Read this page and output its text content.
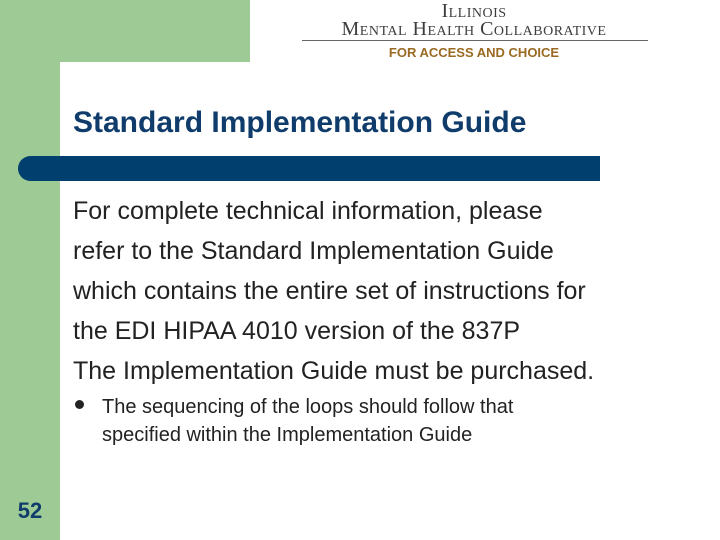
Illinois
Mental Health Collaborative
FOR ACCESS AND CHOICE
Standard Implementation Guide
For complete technical information, please
refer to the Standard Implementation Guide
which contains the entire set of instructions for
the EDI HIPAA 4010 version of the 837P
The Implementation Guide must be purchased.
The sequencing of the loops should follow that
specified within the Implementation Guide
52
